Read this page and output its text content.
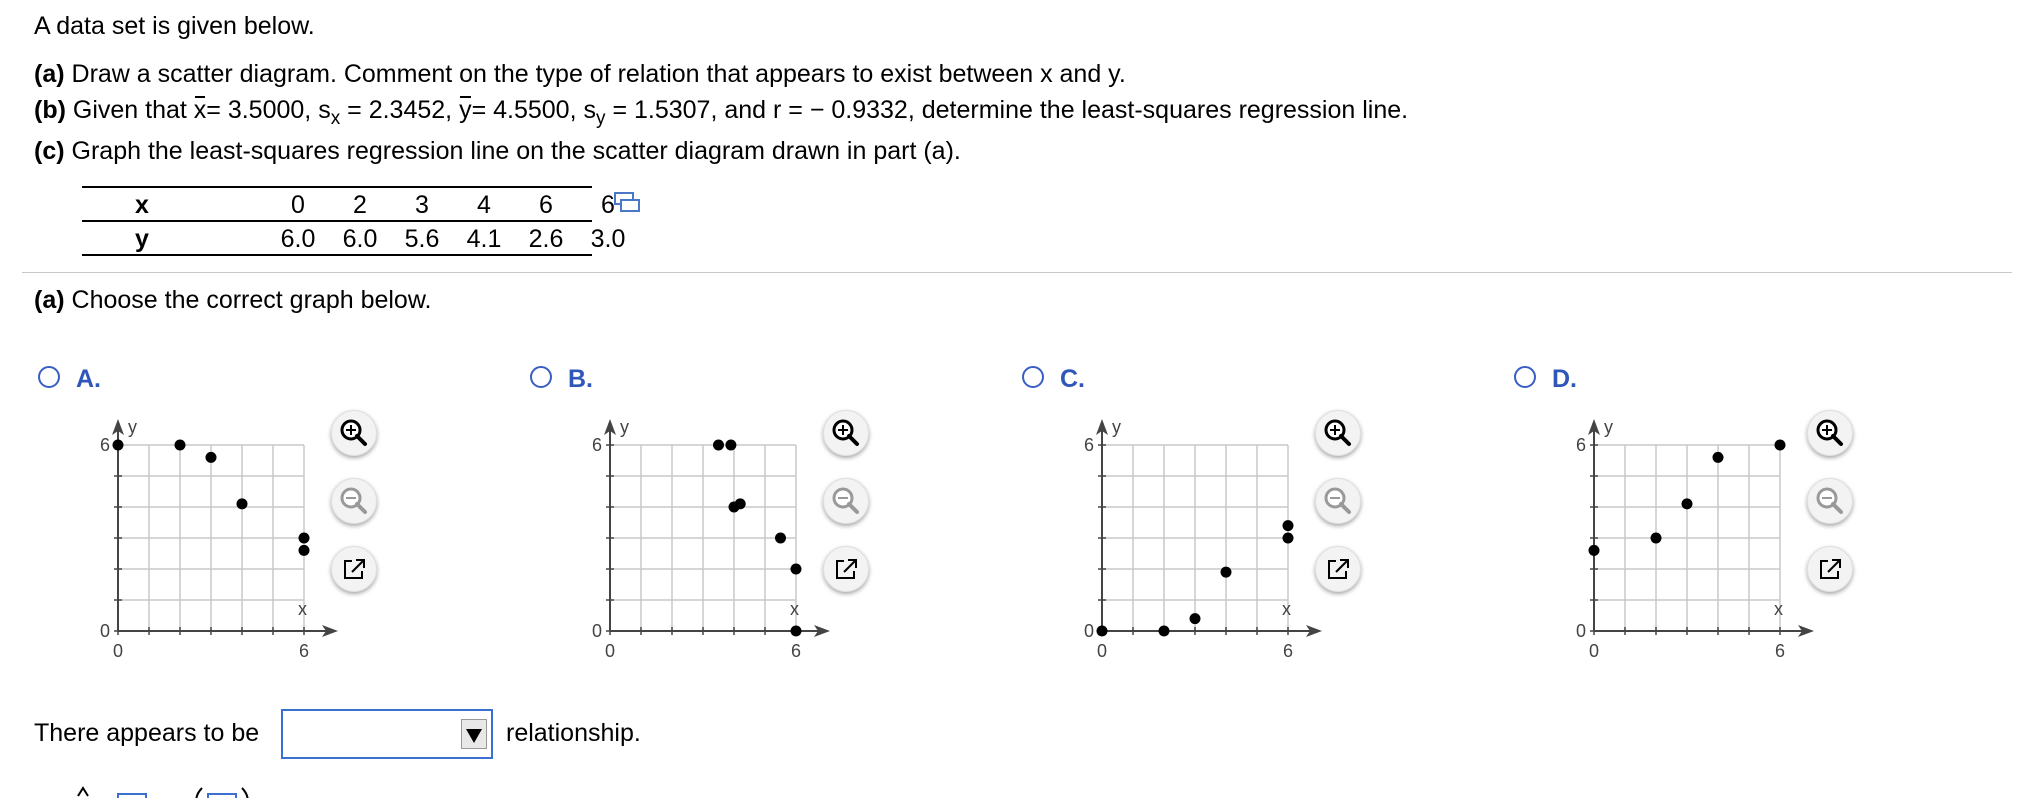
A data set is given below.
(a) Draw a scatter diagram. Comment on the type of relation that appears to exist between x and y.
(b) Given that x= 3.5000, $s_x = 2.3452$, y= 4.5500, $s_y = 1.5307$, and r = − 0.9332, determine the least-squares regression line.
(c) Graph the least-squares regression line on the scatter diagram drawn in part (a).
x	0	2	3	4	6	6
y	6.0	6.0	5.6	4.1	2.6	3.0
(a) Choose the correct graph below.
A.
0	6
0
6
x
y
B.
0	6
0
6
x
y
C.
0	6
0
6
x
y
D.
0	6
0
6
x
y
There appears to be	relationship.
